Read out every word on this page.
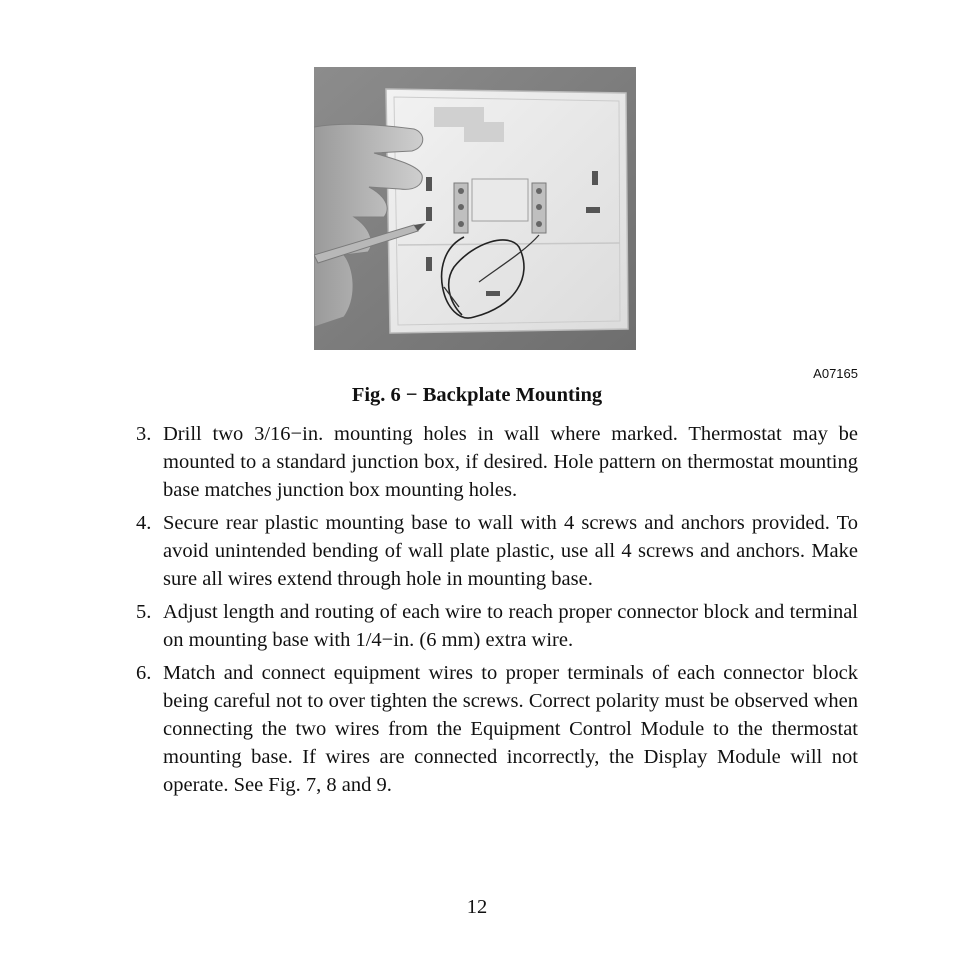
A07165
Fig. 6 − Backplate Mounting
3. Drill two 3/16−in. mounting holes in wall where marked. Thermostat may be mounted to a standard junction box, if desired. Hole pattern on thermostat mounting base matches junction box mounting holes.
4. Secure rear plastic mounting base to wall with 4 screws and anchors provided. To avoid unintended bending of wall plate plastic, use all 4 screws and anchors. Make sure all wires extend through hole in mounting base.
5. Adjust length and routing of each wire to reach proper connector block and terminal on mounting base with 1/4−in. (6 mm) extra wire.
6. Match and connect equipment wires to proper terminals of each connector block being careful not to over tighten the screws. Correct polarity must be observed when connecting the two wires from the Equipment Control Module to the thermostat mounting base. If wires are connected incorrectly, the Display Module will not operate. See Fig. 7, 8 and 9.
12
